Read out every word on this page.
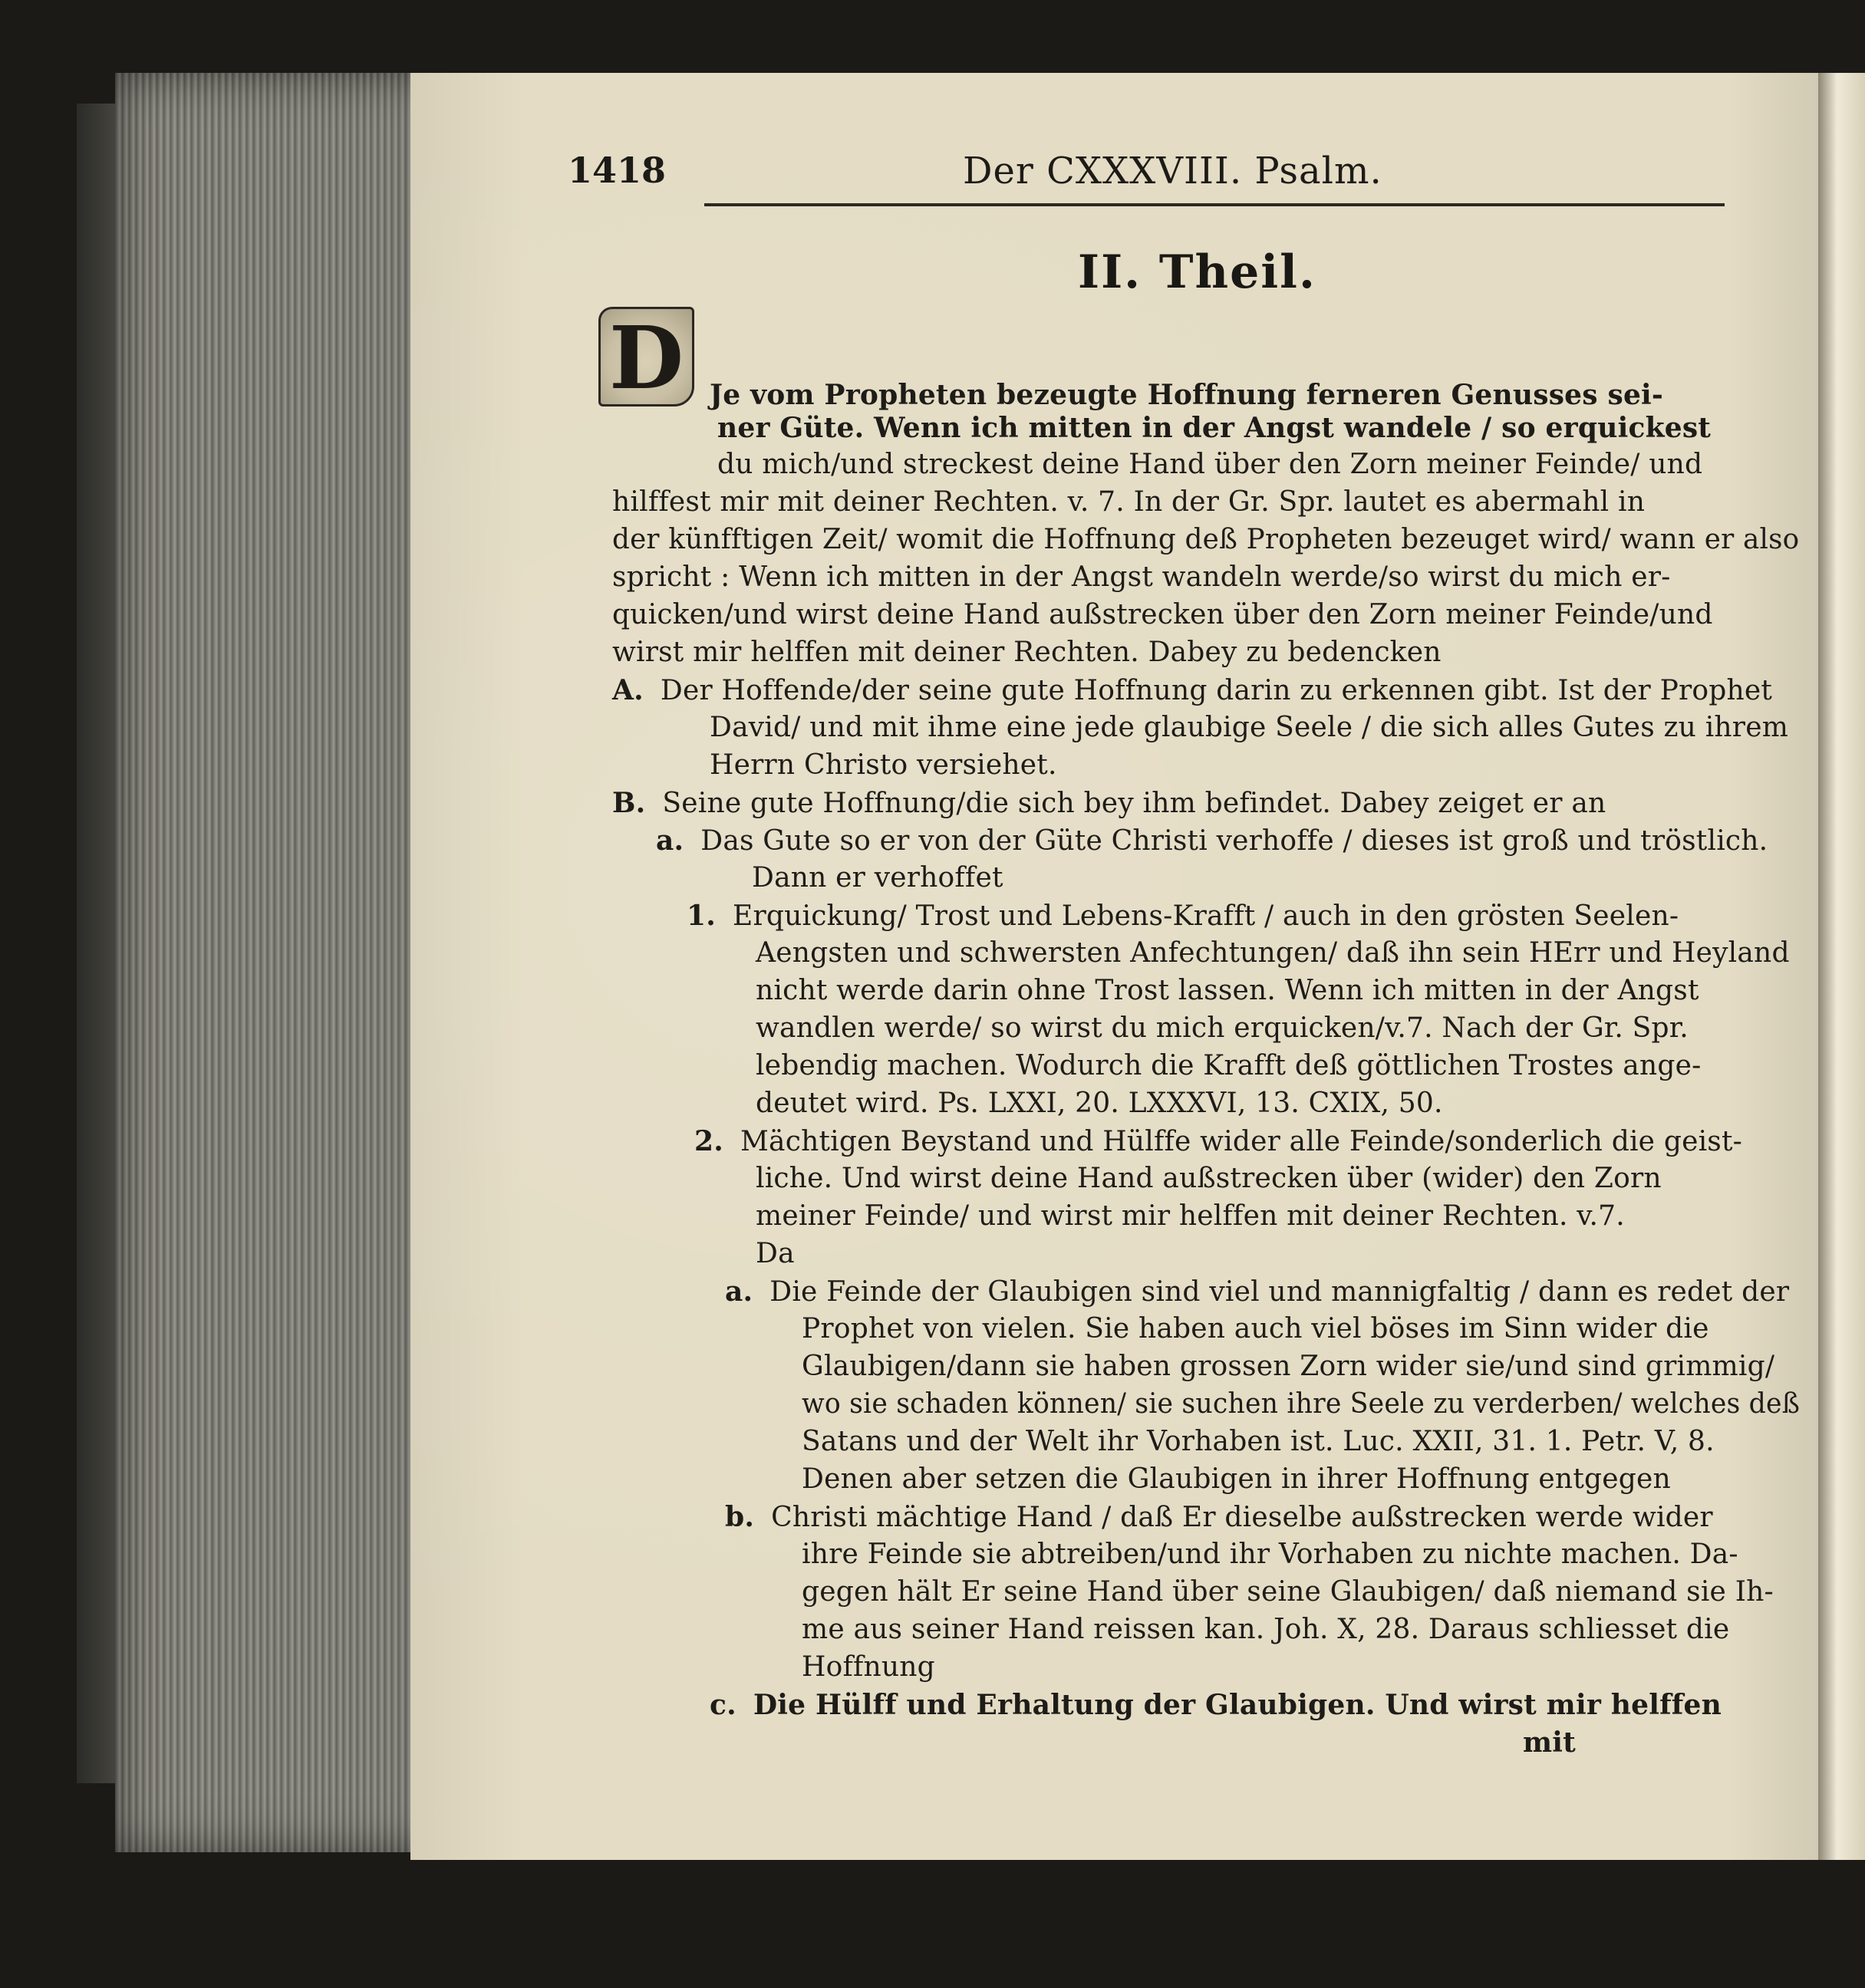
1418	Der CXXXVIII. Psalm.
II. Theil.
D Je vom Propheten bezeugte Hoffnung ferneren Genusses sei-
ner Güte. Wenn ich mitten in der Angst wandele / so erquickest
du mich/und streckest deine Hand über den Zorn meiner Feinde/ und
hilffest mir mit deiner Rechten. v. 7. In der Gr. Spr. lautet es abermahl in
der künfftigen Zeit/ womit die Hoffnung deß Propheten bezeuget wird/ wann er also
spricht : Wenn ich mitten in der Angst wandeln werde/so wirst du mich er-
quicken/und wirst deine Hand außstrecken über den Zorn meiner Feinde/und
wirst mir helffen mit deiner Rechten. Dabey zu bedencken
A. Der Hoffende/der seine gute Hoffnung darin zu erkennen gibt. Ist der Prophet
David/ und mit ihme eine jede glaubige Seele / die sich alles Gutes zu ihrem
Herrn Christo versiehet.
B. Seine gute Hoffnung/die sich bey ihm befindet. Dabey zeiget er an
a. Das Gute so er von der Güte Christi verhoffe / dieses ist groß und tröstlich.
Dann er verhoffet
1. Erquickung/ Trost und Lebens-Krafft / auch in den grösten Seelen-
Aengsten und schwersten Anfechtungen/ daß ihn sein HErr und Heyland
nicht werde darin ohne Trost lassen. Wenn ich mitten in der Angst
wandlen werde/ so wirst du mich erquicken/v.7. Nach der Gr. Spr.
lebendig machen. Wodurch die Krafft deß göttlichen Trostes ange-
deutet wird. Ps. LXXI, 20. LXXXVI, 13. CXIX, 50.
2. Mächtigen Beystand und Hülffe wider alle Feinde/sonderlich die geist-
liche. Und wirst deine Hand außstrecken über (wider) den Zorn
meiner Feinde/ und wirst mir helffen mit deiner Rechten. v.7.
Da
a. Die Feinde der Glaubigen sind viel und mannigfaltig / dann es redet der
Prophet von vielen. Sie haben auch viel böses im Sinn wider die
Glaubigen/dann sie haben grossen Zorn wider sie/und sind grimmig/
wo sie schaden können/ sie suchen ihre Seele zu verderben/ welches deß
Satans und der Welt ihr Vorhaben ist. Luc. XXII, 31. 1. Petr. V, 8.
Denen aber setzen die Glaubigen in ihrer Hoffnung entgegen
b. Christi mächtige Hand / daß Er dieselbe außstrecken werde wider
ihre Feinde sie abtreiben/und ihr Vorhaben zu nichte machen. Da-
gegen hält Er seine Hand über seine Glaubigen/ daß niemand sie Ih-
me aus seiner Hand reissen kan. Joh. X, 28. Daraus schliesset die
Hoffnung
c. Die Hülff und Erhaltung der Glaubigen. Und wirst mir helffen
mit
